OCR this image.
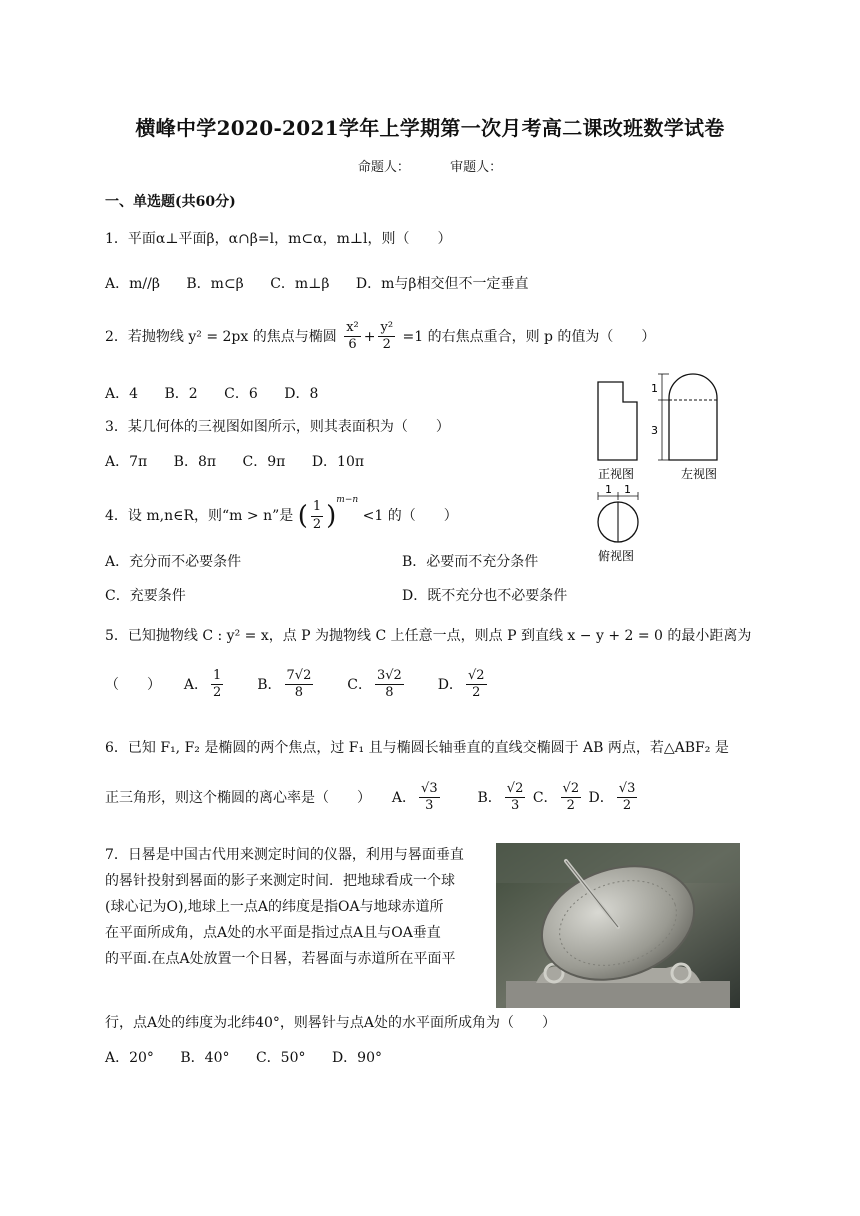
横峰中学2020-2021学年上学期第一次月考高二课改班数学试卷
命题人：	审题人：
一、单选题(共60分)
1．平面α⊥平面β，α∩β=l，m⊂α，m⊥l，则（　　）
A．m//β B．m⊂β C．m⊥β D．m与β相交但不一定垂直
2．若抛物线 y² = 2px 的焦点与椭圆 $\frac{\text{x²}}{6} + \frac{\text{y²}}{2} =1$ 的右焦点重合，则 p 的值为（　　）
A．4 B．2 C．6 D．8
3．某几何体的三视图如图所示，则其表面积为（　　）
A．7π B．8π C．9π D．10π
正视图
1
3
左视图
1 1
俯视图
4．设 m,n∈R，则“m > n”是 ( $\frac{1}{2} )^{m-n} <1$ 的（　　）
A．充分而不必要条件	B．必要而不充分条件
C．充要条件	D．既不充分也不必要条件
5．已知抛物线 C : y² = x，点 P 为抛物线 C 上任意一点，则点 P 到直线 x − y + 2 = 0 的最小距离为
（　　） A． $\frac{1}{2}$ B． $\frac{7√2}{8}$ C． $\frac{3√2}{8}$ D． $\frac{√2}{2}$
6．已知 F₁, F₂ 是椭圆的两个焦点，过 F₁ 且与椭圆长轴垂直的直线交椭圆于 AB 两点，若△ABF₂ 是
正三角形，则这个椭圆的离心率是（　　） A． $\frac{√3}{3}$	B． $\frac{√2}{3}$ C． $\frac{√2}{2}$ D． $\frac{√3}{2}$
7．日晷是中国古代用来测定时间的仪器，利用与晷面垂直
的晷针投射到晷面的影子来测定时间．把地球看成一个球
(球心记为O),地球上一点A的纬度是指OA与地球赤道所
在平面所成角，点A处的水平面是指过点A且与OA垂直
的平面.在点A处放置一个日晷，若晷面与赤道所在平面平
行，点A处的纬度为北纬40°，则晷针与点A处的水平面所成角为（　　）
A．20° B．40° C．50° D．90°
